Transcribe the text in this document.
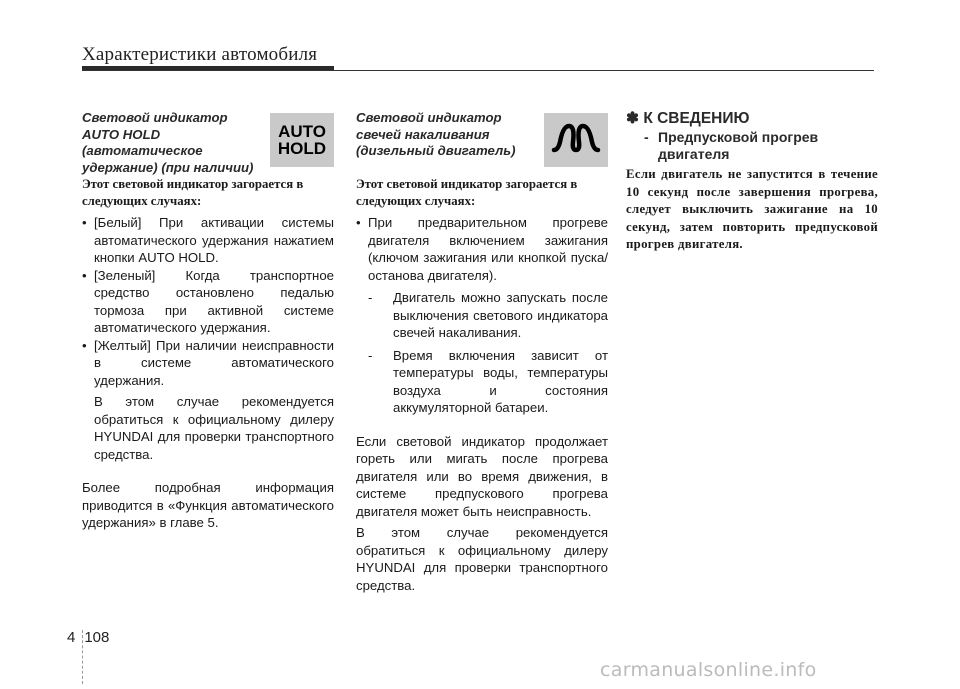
Характеристики автомобиля
Световой индикатор
AUTO HOLD
(автоматическое
удержание) (при наличии)
AUTO
HOLD
Этот световой индикатор загорается в следующих случаях:
• [Белый] При активации системы автоматического удержания нажатием кнопки AUTO HOLD.
• [Зеленый] Когда транспортное средство остановлено педалью тормоза при активной системе автоматического удержания.
• [Желтый] При наличии неисправности в системе автоматического удержания.
В этом случае рекомендуется обратиться к официальному дилеру HYUNDAI для проверки транспортного средства.
Более подробная информация приводится в «Функция автоматического удержания» в главе 5.
Световой индикатор
свечей накаливания
(дизельный двигатель)
Этот световой индикатор загорается в следующих случаях:
• При предварительном прогреве двигателя включением зажигания (ключом зажигания или кнопкой пуска/останова двигателя).
- Двигатель можно запускать после выключения светового индикатора свечей накаливания.
- Время включения зависит от температуры воды, температуры воздуха и состояния аккумуляторной батареи.
Если световой индикатор продолжает гореть или мигать после прогрева двигателя или во время движения, в системе предпускового прогрева двигателя может быть неисправность.
В этом случае рекомендуется обратиться к официальному дилеру HYUNDAI для проверки транспортного средства.
✽ К СВЕДЕНИЮ
- Предпусковой прогрев
двигателя
Если двигатель не запустится в течение 10 секунд после завершения прогрева, следует выключить зажигание на 10 секунд, затем повторить предпусковой прогрев двигателя.
4 108
carmanualsonline.info
